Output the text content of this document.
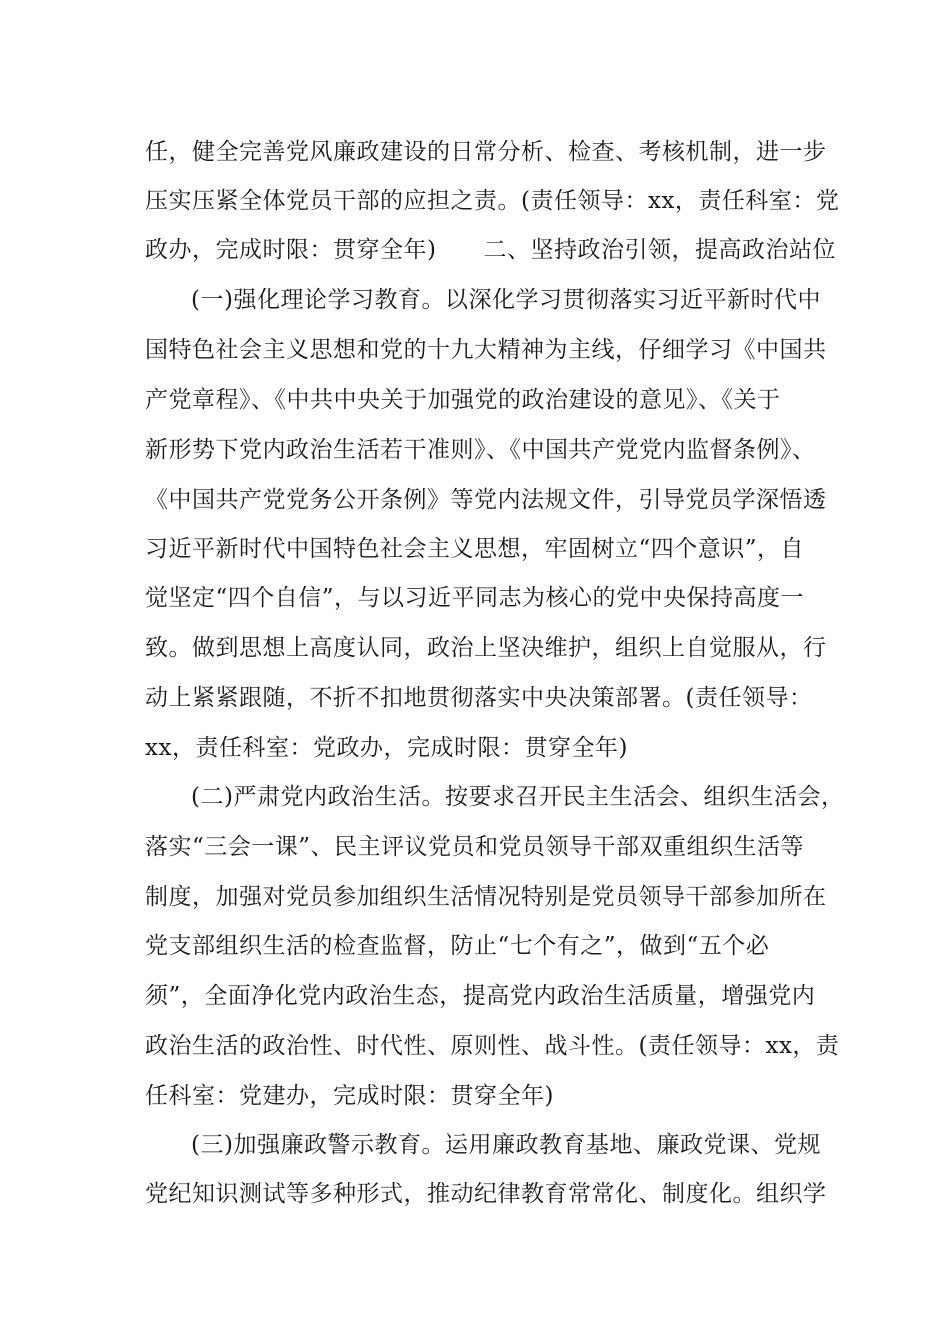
任，健全完善党风廉政建设的日常分析、检查、考核机制，进一步
压实压紧全体党员干部的应担之责。(责任领导：xx，责任科室：党
政办，完成时限：贯穿全年)　　二、坚持政治引领，提高政治站位
(一)强化理论学习教育。以深化学习贯彻落实习近平新时代中
国特色社会主义思想和党的十九大精神为主线，仔细学习《中国共
产党章程》、《中共中央关于加强党的政治建设的意见》、《关于
新形势下党内政治生活若干准则》、《中国共产党党内监督条例》、
《中国共产党党务公开条例》等党内法规文件，引导党员学深悟透
习近平新时代中国特色社会主义思想，牢固树立“四个意识”，自
觉坚定“四个自信”，与以习近平同志为核心的党中央保持高度一
致。做到思想上高度认同，政治上坚决维护，组织上自觉服从，行
动上紧紧跟随，不折不扣地贯彻落实中央决策部署。(责任领导：
xx，责任科室：党政办，完成时限：贯穿全年)
(二)严肃党内政治生活。按要求召开民主生活会、组织生活会，
落实“三会一课”、民主评议党员和党员领导干部双重组织生活等
制度，加强对党员参加组织生活情况特别是党员领导干部参加所在
党支部组织生活的检查监督，防止“七个有之”，做到“五个必
须”，全面净化党内政治生态，提高党内政治生活质量，增强党内
政治生活的政治性、时代性、原则性、战斗性。(责任领导：xx，责
任科室：党建办，完成时限：贯穿全年)
(三)加强廉政警示教育。运用廉政教育基地、廉政党课、党规
党纪知识测试等多种形式，推动纪律教育常常化、制度化。组织学
